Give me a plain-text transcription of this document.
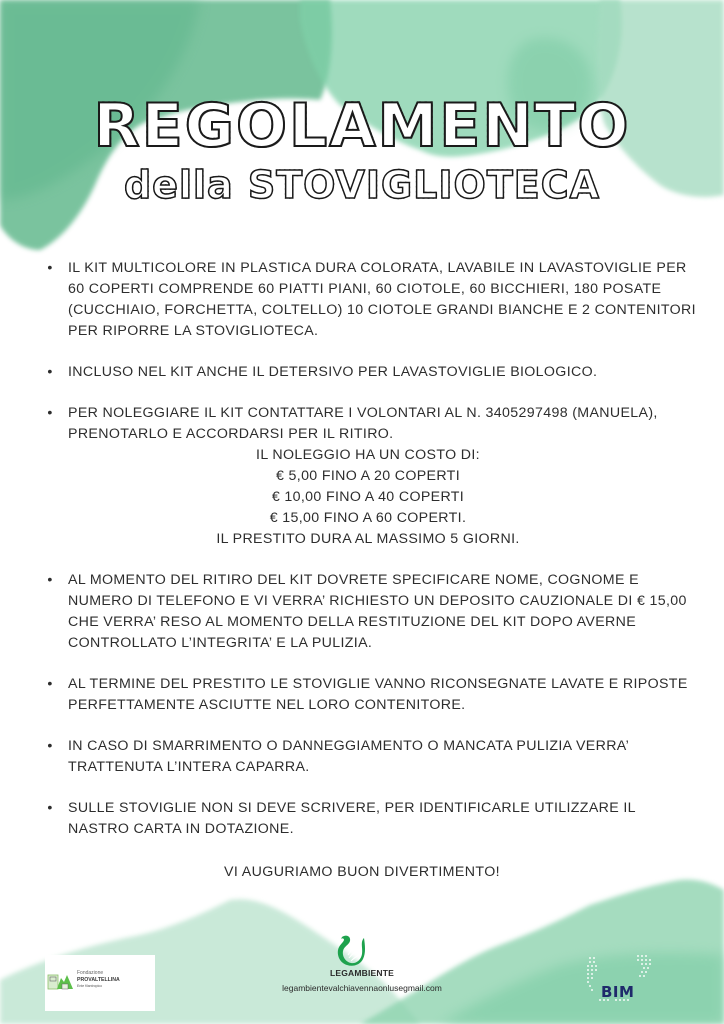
REGOLAMENTO
della STOVIGLIOTECA
•	IL KIT MULTICOLORE IN PLASTICA DURA COLORATA, LAVABILE IN LAVASTOVIGLIE PER 60 COPERTI COMPRENDE 60 PIATTI PIANI, 60 CIOTOLE, 60 BICCHIERI, 180 POSATE (CUCCHIAIO, FORCHETTA, COLTELLO) 10 CIOTOLE GRANDI BIANCHE E 2 CONTENITORI PER RIPORRE LA STOVIGLIOTECA.
•	INCLUSO NEL KIT ANCHE IL DETERSIVO PER LAVASTOVIGLIE BIOLOGICO.
•	PER NOLEGGIARE IL KIT CONTATTARE I VOLONTARI AL N. 3405297498 (MANUELA), PRENOTARLO E ACCORDARSI PER IL RITIRO.
IL NOLEGGIO HA UN COSTO DI:
€ 5,00 FINO A 20 COPERTI
€ 10,00 FINO A 40 COPERTI
€ 15,00 FINO A 60 COPERTI.
IL PRESTITO DURA AL MASSIMO 5 GIORNI.
•	AL MOMENTO DEL RITIRO DEL KIT DOVRETE SPECIFICARE NOME, COGNOME E NUMERO DI TELEFONO E VI VERRA’ RICHIESTO UN DEPOSITO CAUZIONALE DI € 15,00 CHE VERRA’ RESO AL MOMENTO DELLA RESTITUZIONE DEL KIT DOPO AVERNE CONTROLLATO L’INTEGRITA’ E LA PULIZIA.
•	AL TERMINE DEL PRESTITO LE STOVIGLIE VANNO RICONSEGNATE LAVATE E RIPOSTE PERFETTAMENTE ASCIUTTE NEL LORO CONTENITORE.
•	IN CASO DI SMARRIMENTO O DANNEGGIAMENTO O MANCATA PULIZIA VERRA’ TRATTENUTA L’INTERA CAPARRA.
•	SULLE STOVIGLIE NON SI DEVE SCRIVERE, PER IDENTIFICARLE UTILIZZARE IL NASTRO CARTA IN DOTAZIONE.
VI AUGURIAMO BUON DIVERTIMENTO!
Fondazione
PROVALTELLINA
Ente filantropico
LEGAMBIENTE
legambientevalchiavennaonlusegmail.com	BIM
